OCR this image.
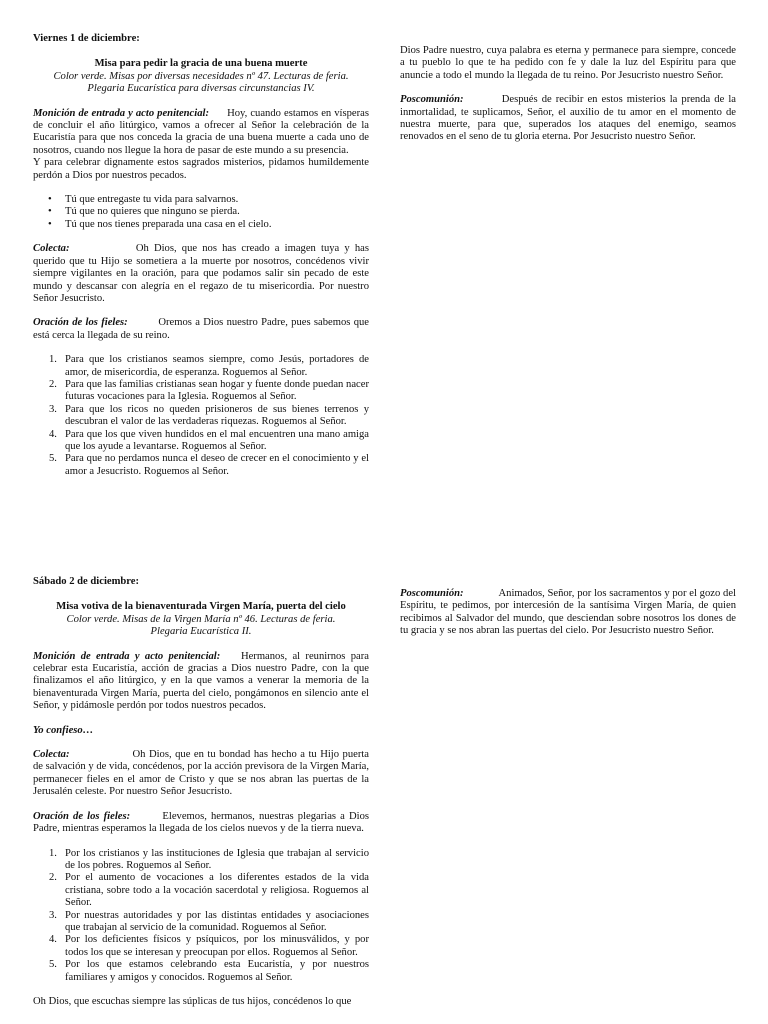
Viernes 1 de diciembre:

Misa para pedir la gracia de una buena muerte

Color verde. Misas por diversas necesidades nº 47. Lecturas de feria.

Plegaria Eucarística para diversas circunstancias IV.

Monición de entrada y acto penitencial: Hoy, cuando estamos en vísperas de concluir el año litúrgico, vamos a ofrecer al Señor la celebración de la Eucaristía para que nos conceda la gracia de una buena muerte a cada uno de nosotros, cuando nos llegue la hora de pasar de este mundo a su presencia.

Y para celebrar dignamente estos sagrados misterios, pidamos humildemente perdón a Dios por nuestros pecados.

• Tú que entregaste tu vida para salvarnos.
• Tú que no quieres que ninguno se pierda.
• Tú que nos tienes preparada una casa en el cielo.

Colecta:	Oh Dios, que nos has creado a imagen tuya y has querido que tu Hijo se sometiera a la muerte por nosotros, concédenos vivir siempre vigilantes en la oración, para que podamos salir sin pecado de este mundo y descansar con alegría en el regazo de tu misericordia. Por nuestro Señor Jesucristo.

Oración de los fieles:	Oremos a Dios nuestro Padre, pues sabemos que está cerca la llegada de su reino.

1. Para que los cristianos seamos siempre, como Jesús, portadores de amor, de misericordia, de esperanza. Roguemos al Señor.
2. Para que las familias cristianas sean hogar y fuente donde puedan nacer futuras vocaciones para la Iglesia. Roguemos al Señor.
3. Para que los ricos no queden prisioneros de sus bienes terrenos y descubran el valor de las verdaderas riquezas. Roguemos al Señor.
4. Para que los que viven hundidos en el mal encuentren una mano amiga que los ayude a levantarse. Roguemos al Señor.
5. Para que no perdamos nunca el deseo de crecer en el conocimiento y el amor a Jesucristo. Roguemos al Señor.

Dios Padre nuestro, cuya palabra es eterna y permanece para siempre, concede a tu pueblo lo que te ha pedido con fe y dale la luz del Espíritu para que anuncie a todo el mundo la llegada de tu reino. Por Jesucristo nuestro Señor.

Poscomunión:	Después de recibir en estos misterios la prenda de la inmortalidad, te suplicamos, Señor, el auxilio de tu amor en el momento de nuestra muerte, para que, superados los ataques del enemigo, seamos renovados en el seno de tu gloria eterna. Por Jesucristo nuestro Señor.

Sábado 2 de diciembre:

Misa votiva de la bienaventurada Virgen María, puerta del cielo

Color verde. Misas de la Virgen María nº 46. Lecturas de feria.

Plegaria Eucarística II.

Monición de entrada y acto penitencial: Hermanos, al reunirnos para celebrar esta Eucaristía, acción de gracias a Dios nuestro Padre, con la que finalizamos el año litúrgico, y en la que vamos a venerar la memoria de la bienaventurada Virgen María, puerta del cielo, pongámonos en silencio ante el Señor, y pidámosle perdón por todos nuestros pecados.

Yo confieso…

Colecta:	Oh Dios, que en tu bondad has hecho a tu Hijo puerta de salvación y de vida, concédenos, por la acción previsora de la Virgen María, permanecer fieles en el amor de Cristo y que se nos abran las puertas de la Jerusalén celeste. Por nuestro Señor Jesucristo.

Oración de los fieles:	Elevemos, hermanos, nuestras plegarias a Dios Padre, mientras esperamos la llegada de los cielos nuevos y de la tierra nueva.

1. Por los cristianos y las instituciones de Iglesia que trabajan al servicio de los pobres. Roguemos al Señor.
2. Por el aumento de vocaciones a los diferentes estados de la vida cristiana, sobre todo a la vocación sacerdotal y religiosa. Roguemos al Señor.
3. Por nuestras autoridades y por las distintas entidades y asociaciones que trabajan al servicio de la comunidad. Roguemos al Señor.
4. Por los deficientes físicos y psíquicos, por los minusválidos, y por todos los que se interesan y preocupan por ellos. Roguemos al Señor.
5. Por los que estamos celebrando esta Eucaristía, y por nuestros familiares y amigos y conocidos. Roguemos al Señor.

Oh Dios, que escuchas siempre las súplicas de tus hijos, concédenos lo que

Poscomunión:	Animados, Señor, por los sacramentos y por el gozo del Espíritu, te pedimos, por intercesión de la santísima Virgen María, de quien recibimos al Salvador del mundo, que desciendan sobre nosotros los dones de tu gracia y se nos abran las puertas del cielo. Por Jesucristo nuestro Señor.
